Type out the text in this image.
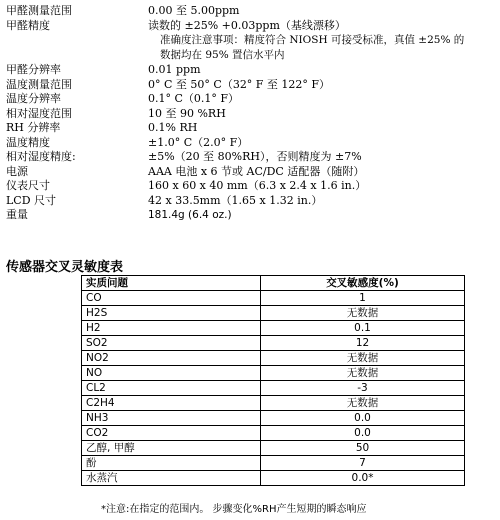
甲醛测量范围	0.00 至 5.00ppm
甲醛精度	读数的 ±25% +0.03ppm（基线漂移）
准确度注意事项：精度符合 NIOSH 可接受标准，真值 ±25% 的
数据均在 95% 置信水平内
甲醛分辨率	0.01 ppm
温度测量范围	0° C 至 50° C（32° F 至 122° F）
温度分辨率	0.1° C（0.1° F）
相对湿度范围	10 至 90 %RH
RH 分辨率	0.1% RH
温度精度	±1.0° C（2.0° F）
相对湿度精度:	±5%（20 至 80%RH），否则精度为 ±7%
电源	AAA 电池 x 6 节或 AC/DC 适配器（随附）
仪表尺寸	160 x 60 x 40 mm（6.3 x 2.4 x 1.6 in.）
LCD 尺寸	42 x 33.5mm（1.65 x 1.32 in.）
重量	181.4g (6.4 oz.)
传感器交叉灵敏度表
实质问题	交叉敏感度(%)
CO	1
H2S	无数据
H2	0.1
SO2	12
NO2	无数据
NO	无数据
CL2	-3
C2H4	无数据
NH3	0.0
CO2	0.0
乙醇, 甲醇	50
酚	7
水蒸汽	0.0*
*注意:在指定的范围内。 步骤变化%RH产生短期的瞬态响应
